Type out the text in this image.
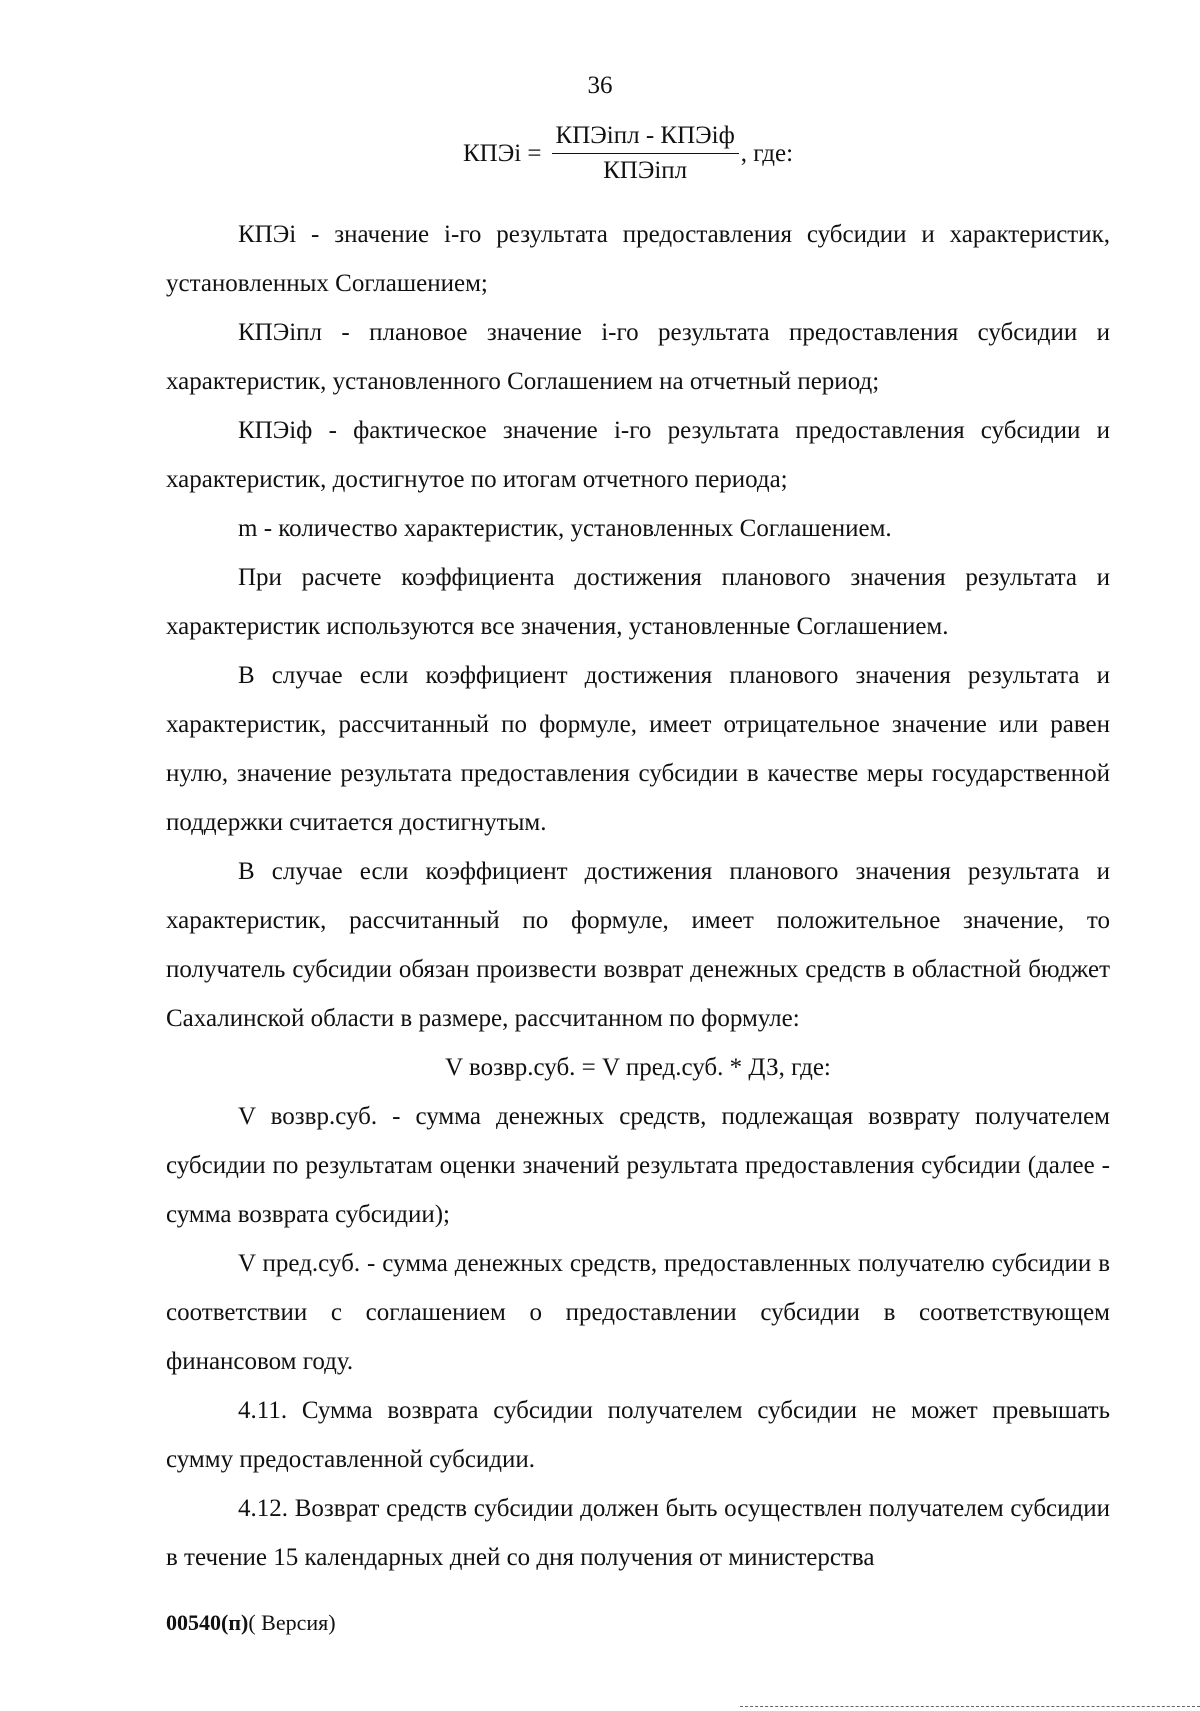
36
КПЭi = $\frac{\text{КПЭiпл - КПЭiф}}{\text{КПЭiпл}}$ , где:

КПЭi - значение i-го результата предоставления субсидии и характеристик, установленных Соглашением;

КПЭiпл - плановое значение i-го результата предоставления субсидии и характеристик, установленного Соглашением на отчетный период;

КПЭiф - фактическое значение i-го результата предоставления субсидии и характеристик, достигнутое по итогам отчетного периода;

m - количество характеристик, установленных Соглашением.

При расчете коэффициента достижения планового значения результата и характеристик используются все значения, установленные Соглашением.

В случае если коэффициент достижения планового значения результата и характеристик, рассчитанный по формуле, имеет отрицательное значение или равен нулю, значение результата предоставления субсидии в качестве меры государственной поддержки считается достигнутым.

В случае если коэффициент достижения планового значения результата и характеристик, рассчитанный по формуле, имеет положительное значение, то получатель субсидии обязан произвести возврат денежных средств в областной бюджет Сахалинской области в размере, рассчитанном по формуле:

V возвр.суб. = V пред.суб. * ДЗ, где:

V возвр.суб. - сумма денежных средств, подлежащая возврату получателем субсидии по результатам оценки значений результата предоставления субсидии (далее - сумма возврата субсидии);

V пред.суб. - сумма денежных средств, предоставленных получателю субсидии в соответствии с соглашением о предоставлении субсидии в соответствующем финансовом году.

4.11. Сумма возврата субсидии получателем субсидии не может превышать сумму предоставленной субсидии.

4.12. Возврат средств субсидии должен быть осуществлен получателем субсидии в течение 15 календарных дней со дня получения от министерства

00540(п)( Версия)
